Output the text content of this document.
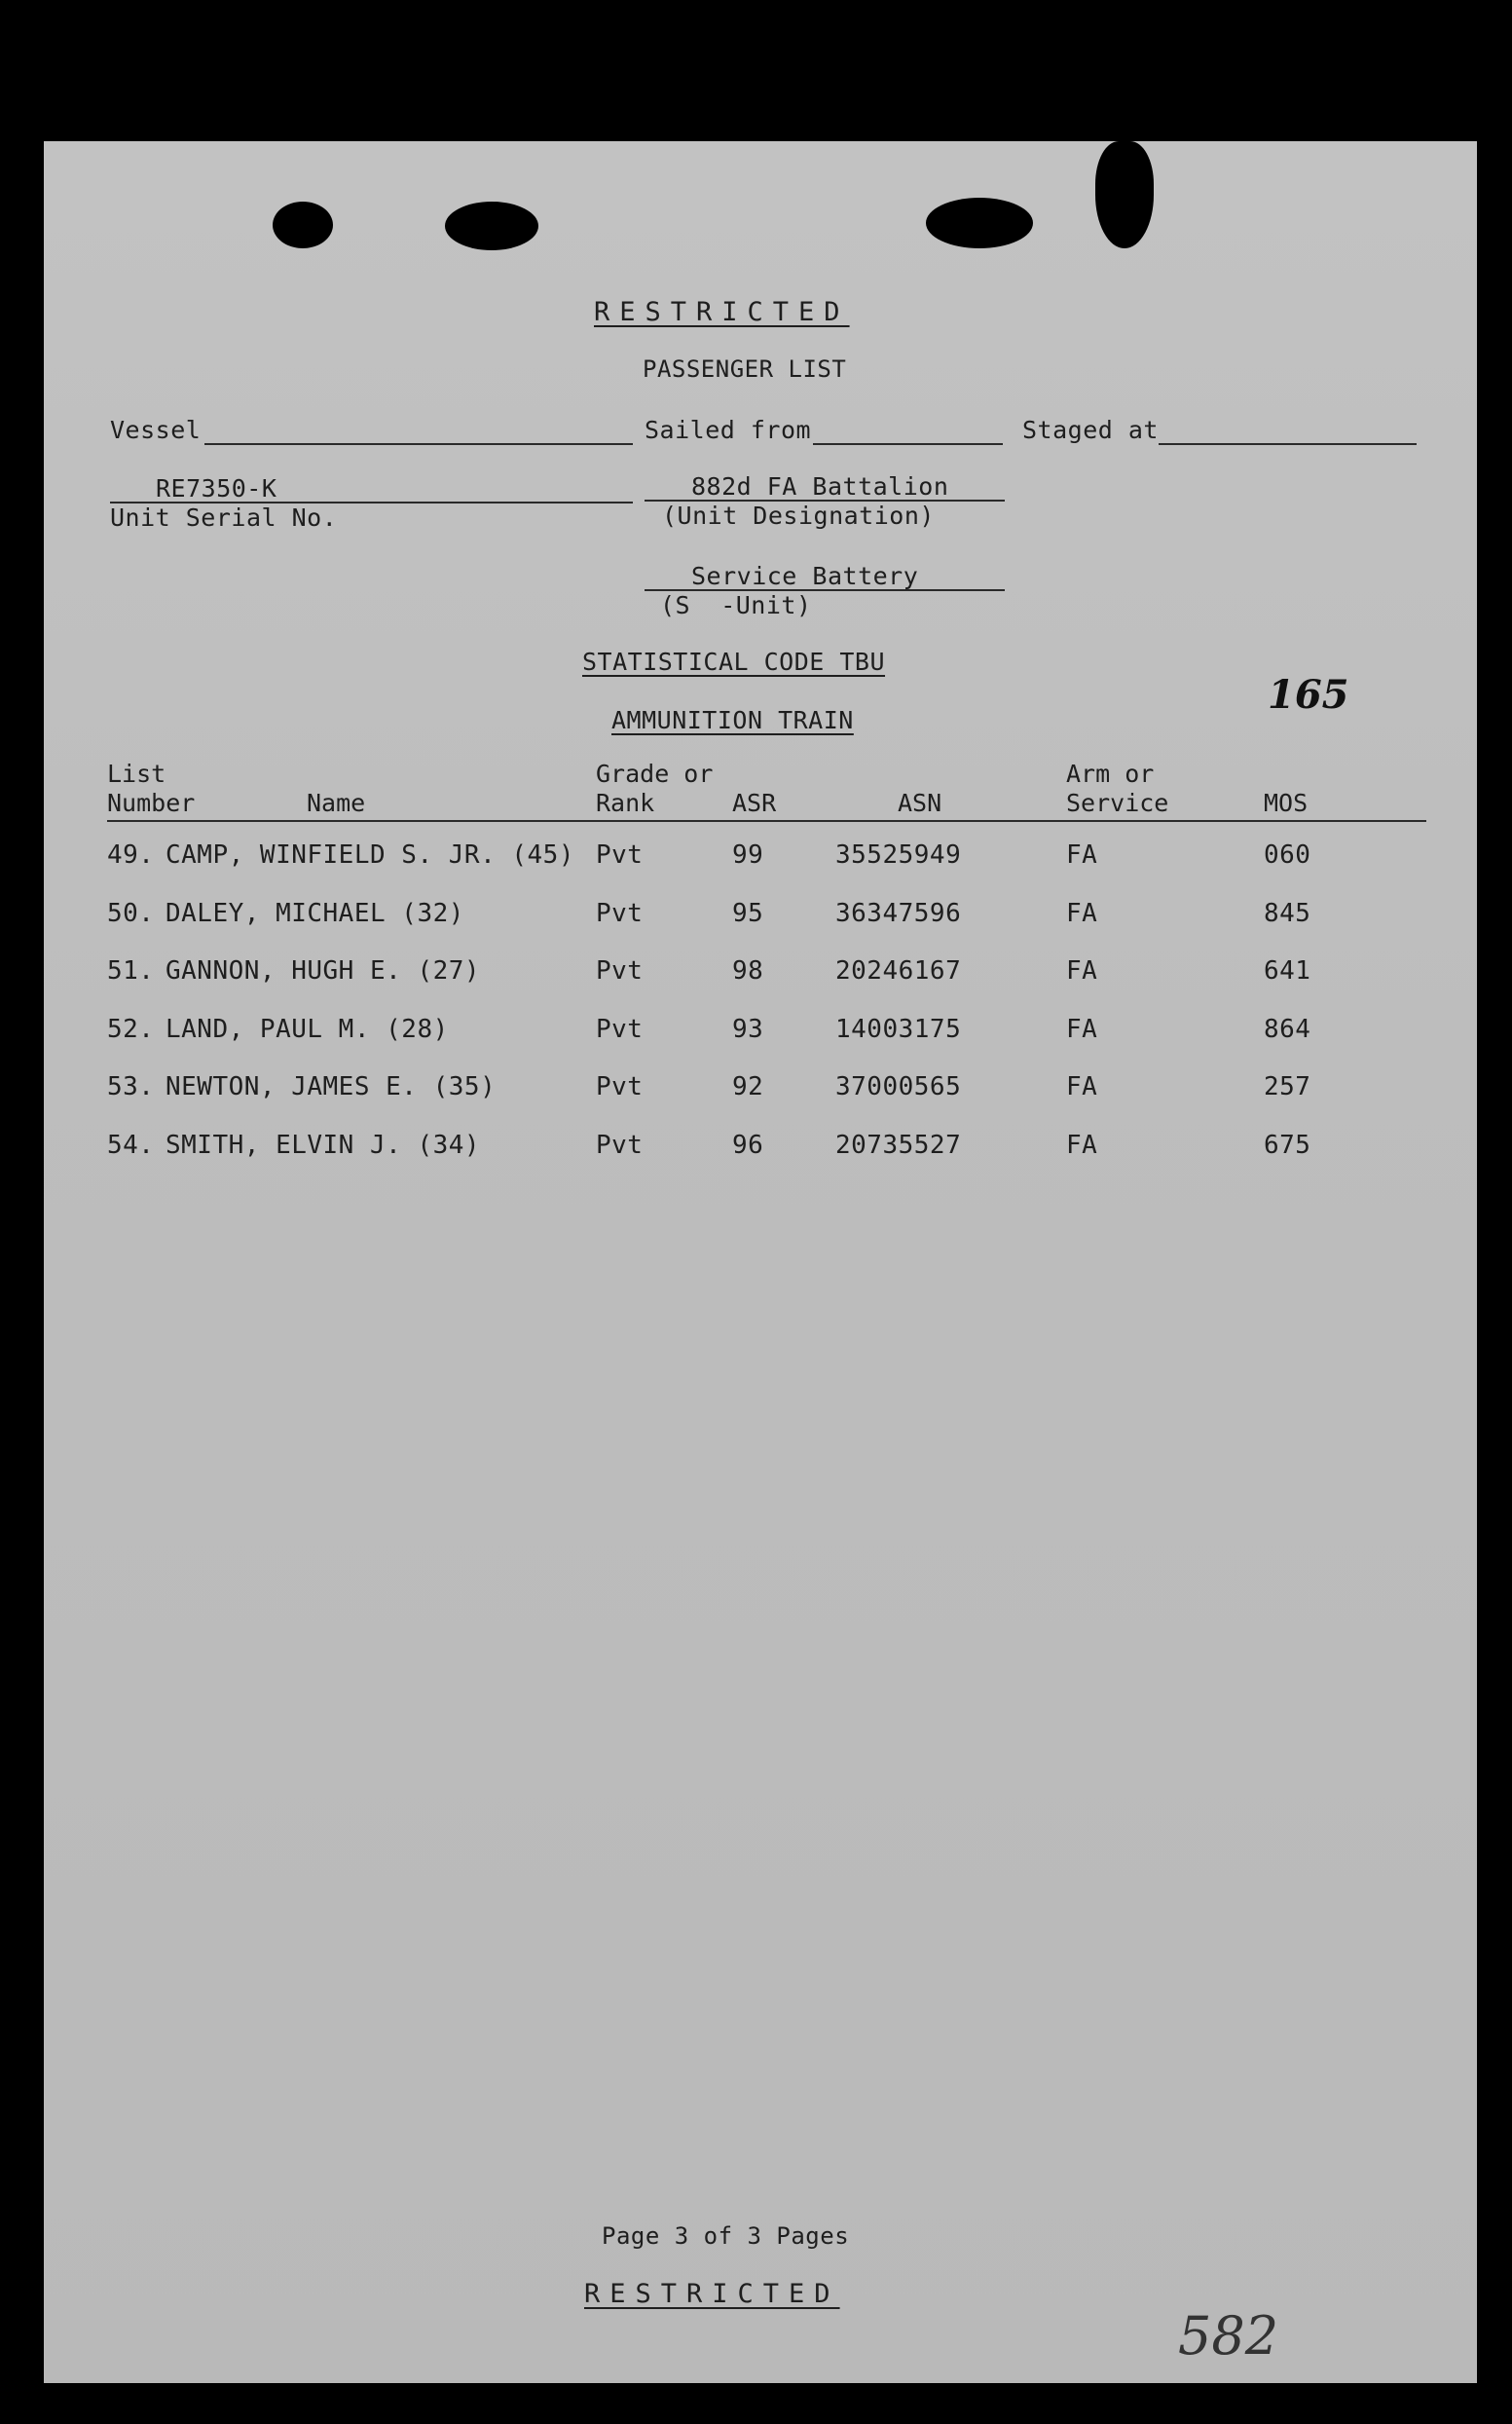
RESTRICTED
PASSENGER LIST
Vessel	Sailed from	Staged at
RE7350-K
Unit Serial No.
882d FA Battalion
(Unit Designation)
Service Battery
(S  -Unit)
STATISTICAL CODE TBU
AMMUNITION TRAIN
165
List
Number	Name
Grade or
Rank	ASR	ASN
Arm or
Service	MOS
49. CAMP, WINFIELD S. JR. (45) Pvt	99	35525949	FA	060
50. DALEY, MICHAEL (32)	Pvt	95	36347596	FA	845
51. GANNON, HUGH E. (27)	Pvt	98	20246167	FA	641
52. LAND, PAUL M. (28)	Pvt	93	14003175	FA	864
53. NEWTON, JAMES E. (35)	Pvt	92	37000565	FA	257
54. SMITH, ELVIN J. (34)	Pvt	96	20735527	FA	675
Page 3 of 3 Pages
RESTRICTED
582
